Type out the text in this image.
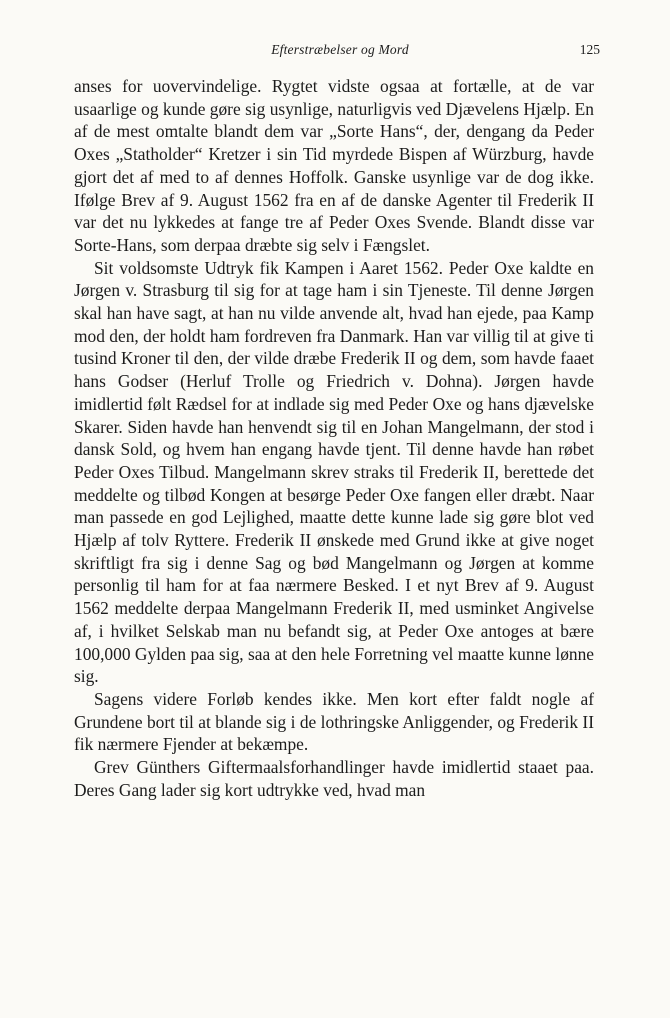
Efterstræbelser og Mord	125

anses for uovervindelige. Rygtet vidste ogsaa at fortælle, at de var usaarlige og kunde gøre sig usynlige, naturligvis ved Djævelens Hjælp. En af de mest omtalte blandt dem var „Sorte Hans“, der, dengang da Peder Oxes „Statholder“ Kretzer i sin Tid myrdede Bispen af Würzburg, havde gjort det af med to af dennes Hoffolk. Ganske usynlige var de dog ikke. Ifølge Brev af 9. August 1562 fra en af de danske Agenter til Frederik II var det nu lykkedes at fange tre af Peder Oxes Svende. Blandt disse var Sorte-Hans, som derpaa dræbte sig selv i Fængslet.

Sit voldsomste Udtryk fik Kampen i Aaret 1562. Peder Oxe kaldte en Jørgen v. Strasburg til sig for at tage ham i sin Tjeneste. Til denne Jørgen skal han have sagt, at han nu vilde anvende alt, hvad han ejede, paa Kamp mod den, der holdt ham fordreven fra Danmark. Han var villig til at give ti tusind Kroner til den, der vilde dræbe Frederik II og dem, som havde faaet hans Godser (Herluf Trolle og Friedrich v. Dohna). Jørgen havde imidlertid følt Rædsel for at indlade sig med Peder Oxe og hans djævelske Skarer. Siden havde han henvendt sig til en Johan Mangelmann, der stod i dansk Sold, og hvem han engang havde tjent. Til denne havde han røbet Peder Oxes Tilbud. Mangelmann skrev straks til Frederik II, berettede det meddelte og tilbød Kongen at besørge Peder Oxe fangen eller dræbt. Naar man passede en god Lejlighed, maatte dette kunne lade sig gøre blot ved Hjælp af tolv Ryttere. Frederik II ønskede med Grund ikke at give noget skriftligt fra sig i denne Sag og bød Mangelmann og Jørgen at komme personlig til ham for at faa nærmere Besked. I et nyt Brev af 9. August 1562 meddelte derpaa Mangelmann Frederik II, med usminket Angivelse af, i hvilket Selskab man nu befandt sig, at Peder Oxe antoges at bære 100,000 Gylden paa sig, saa at den hele Forretning vel maatte kunne lønne sig.

Sagens videre Forløb kendes ikke. Men kort efter faldt nogle af Grundene bort til at blande sig i de lothringske Anliggender, og Frederik II fik nærmere Fjender at bekæmpe.

Grev Günthers Giftermaalsforhandlinger havde imidlertid staaet paa. Deres Gang lader sig kort udtrykke ved, hvad man
